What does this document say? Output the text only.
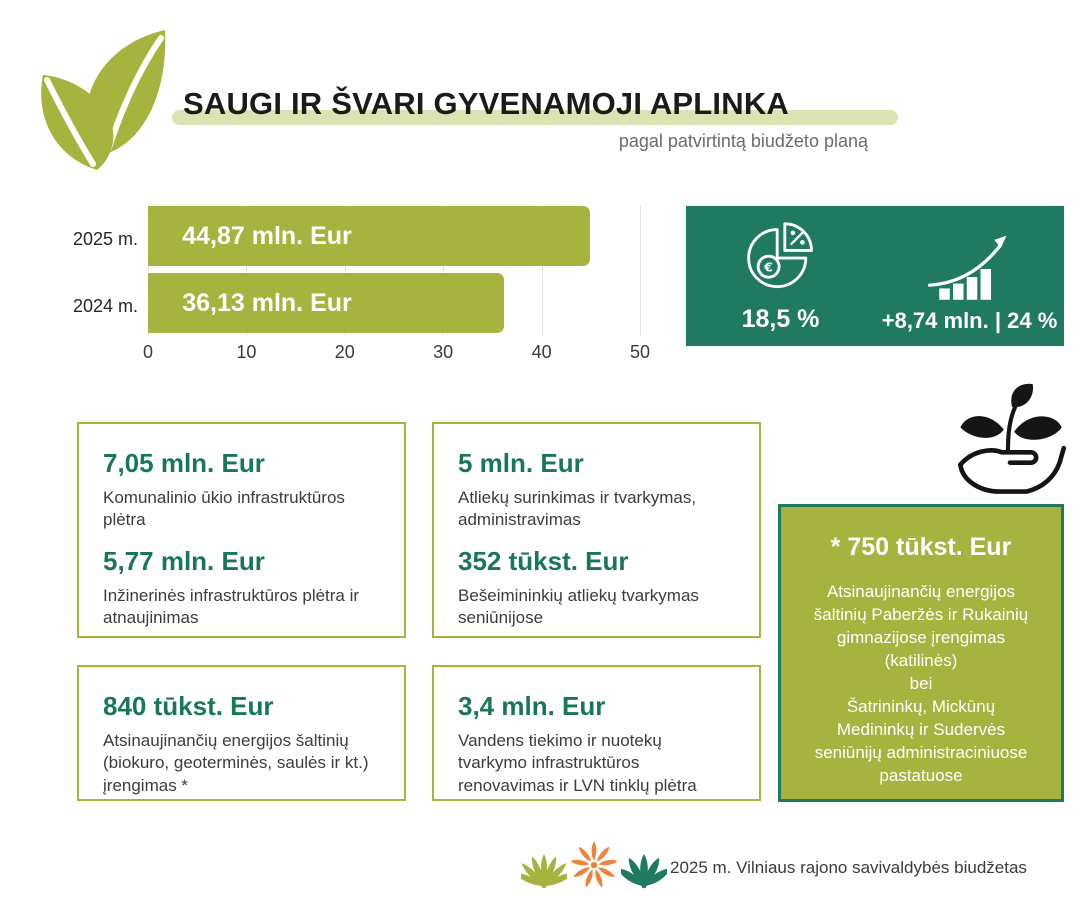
SAUGI IR ŠVARI GYVENAMOJI APLINKA
pagal patvirtintą biudžeto planą
44,87 mln. Eur
36,13 mln. Eur
0	10	20	30	40	50
2025 m.
2024 m.
€
18,5 %	+8,74 mln. | 24 %
7,05 mln. Eur

Komunalinio ūkio infrastruktūros plėtra

5,77 mln. Eur

Inžinerinės infrastruktūros plėtra ir atnaujinimas

5 mln. Eur

Atliekų surinkimas ir tvarkymas, administravimas

352 tūkst. Eur

Bešeimininkių atliekų tvarkymas seniūnijose

840 tūkst. Eur

Atsinaujinančių energijos šaltinių (biokuro, geoterminės, saulės ir kt.) įrengimas *

3,4 mln. Eur

Vandens tiekimo ir nuotekų tvarkymo infrastruktūros renovavimas ir LVN tinklų plėtra

* 750 tūkst. Eur
Atsinaujinančių energijos
šaltinių Paberžės ir Rukainių
gimnazijose įrengimas
(katilinės)
bei
Šatrininkų, Mickūnų
Medininkų ir Sudervės
seniūnijų administraciniuose
pastatuose
2025 m. Vilniaus rajono savivaldybės biudžetas
